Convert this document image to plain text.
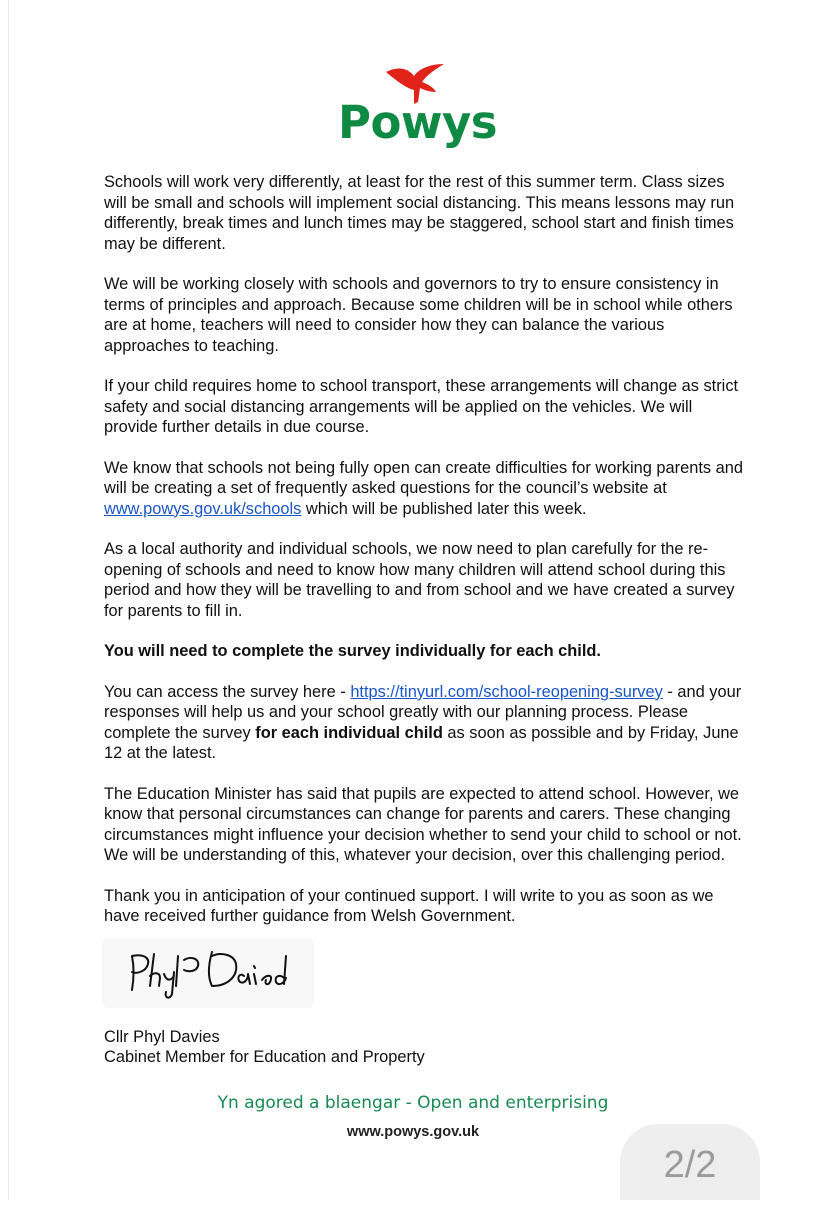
Powys

Schools will work very differently, at least for the rest of this summer term. Class sizes will be small and schools will implement social distancing. This means lessons may run differently, break times and lunch times may be staggered, school start and finish times may be different.

We will be working closely with schools and governors to try to ensure consistency in terms of principles and approach. Because some children will be in school while others are at home, teachers will need to consider how they can balance the various approaches to teaching.

If your child requires home to school transport, these arrangements will change as strict safety and social distancing arrangements will be applied on the vehicles. We will provide further details in due course.

We know that schools not being fully open can create difficulties for working parents and will be creating a set of frequently asked questions for the council’s website at www.powys.gov.uk/schools which will be published later this week.

As a local authority and individual schools, we now need to plan carefully for the re-opening of schools and need to know how many children will attend school during this period and how they will be travelling to and from school and we have created a survey for parents to fill in.

You will need to complete the survey individually for each child.

You can access the survey here - https://tinyurl.com/school-reopening-survey - and your responses will help us and your school greatly with our planning process. Please complete the survey for each individual child as soon as possible and by Friday, June 12 at the latest.

The Education Minister has said that pupils are expected to attend school. However, we know that personal circumstances can change for parents and carers. These changing circumstances might influence your decision whether to send your child to school or not. We will be understanding of this, whatever your decision, over this challenging period.

Thank you in anticipation of your continued support. I will write to you as soon as we have received further guidance from Welsh Government.

Cllr Phyl Davies
Cabinet Member for Education and Property
Yn agored a blaengar - Open and enterprising
www.powys.gov.uk
2/2
